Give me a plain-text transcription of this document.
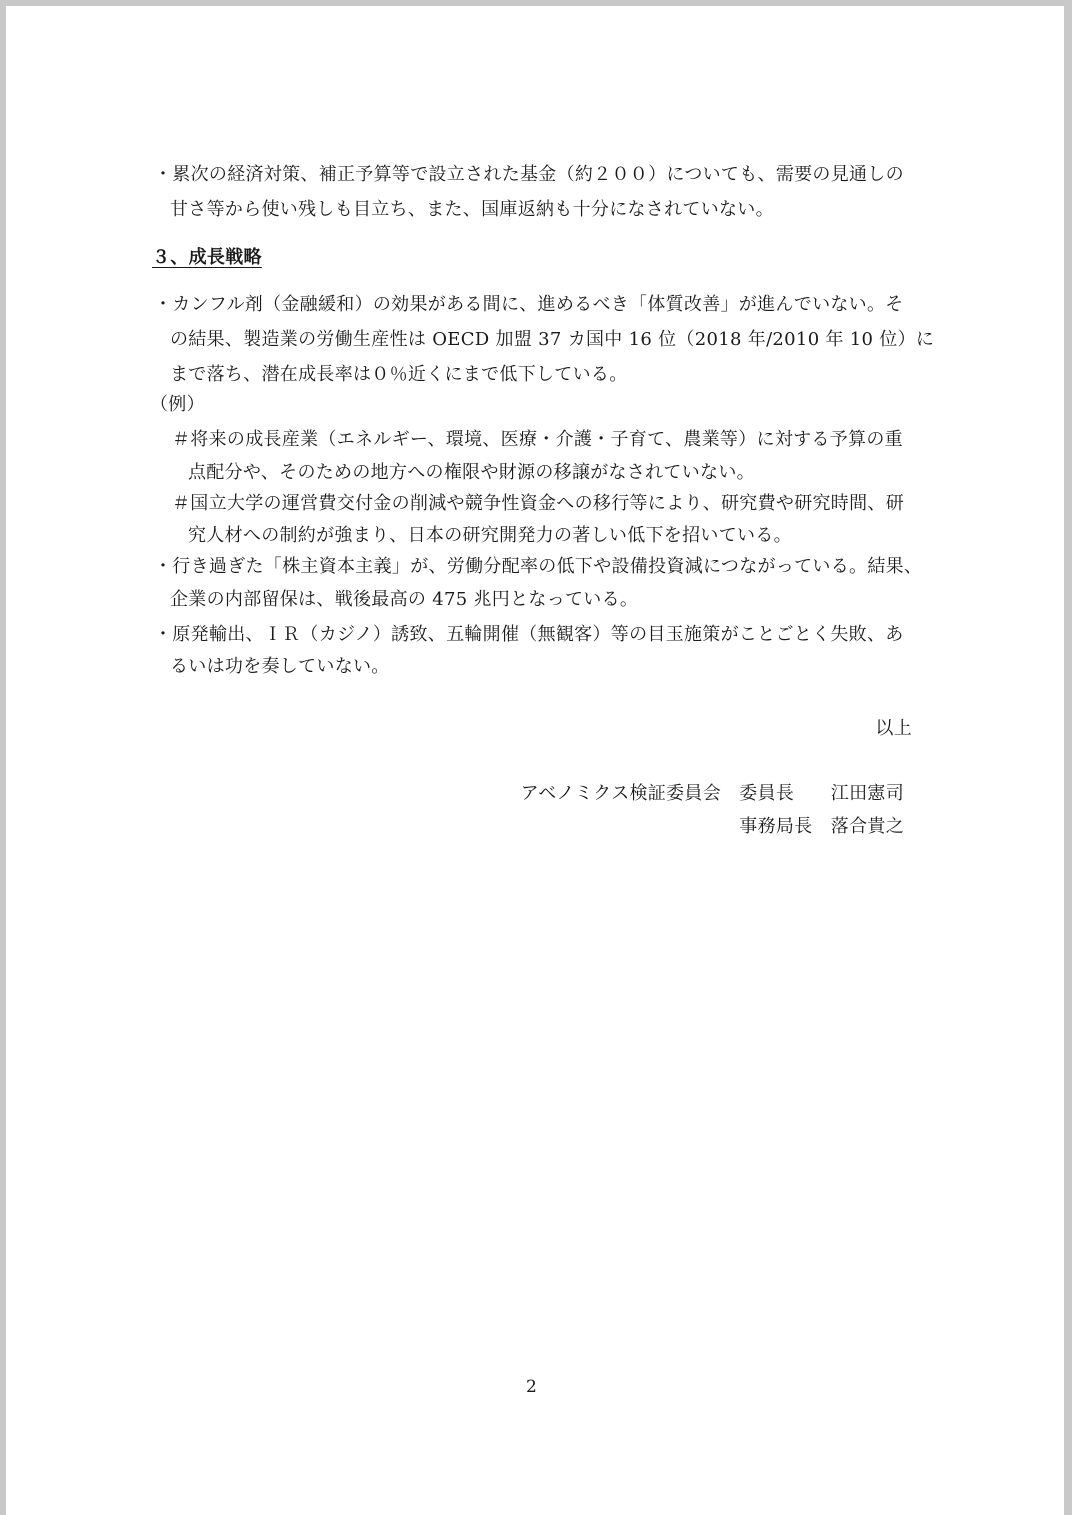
・累次の経済対策、補正予算等で設立された基金（約２００）についても、需要の見通しの
甘さ等から使い残しも目立ち、また、国庫返納も十分になされていない。
３、成長戦略
・カンフル剤（金融緩和）の効果がある間に、進めるべき「体質改善」が進んでいない。そ
の結果、製造業の労働生産性は OECD 加盟 37 カ国中 16 位（2018 年/2010 年 10 位）に
まで落ち、潜在成長率は０％近くにまで低下している。
（例）
＃将来の成長産業（エネルギー、環境、医療・介護・子育て、農業等）に対する予算の重
点配分や、そのための地方への権限や財源の移譲がなされていない。
＃国立大学の運営費交付金の削減や競争性資金への移行等により、研究費や研究時間、研
究人材への制約が強まり、日本の研究開発力の著しい低下を招いている。
・行き過ぎた「株主資本主義」が、労働分配率の低下や設備投資減につながっている。結果、
企業の内部留保は、戦後最高の 475 兆円となっている。
・原発輸出、ＩＲ（カジノ）誘致、五輪開催（無観客）等の目玉施策がことごとく失敗、あ
るいは功を奏していない。
以上
アベノミクス検証委員会　委員長　　江田憲司
事務局長　落合貴之
2
